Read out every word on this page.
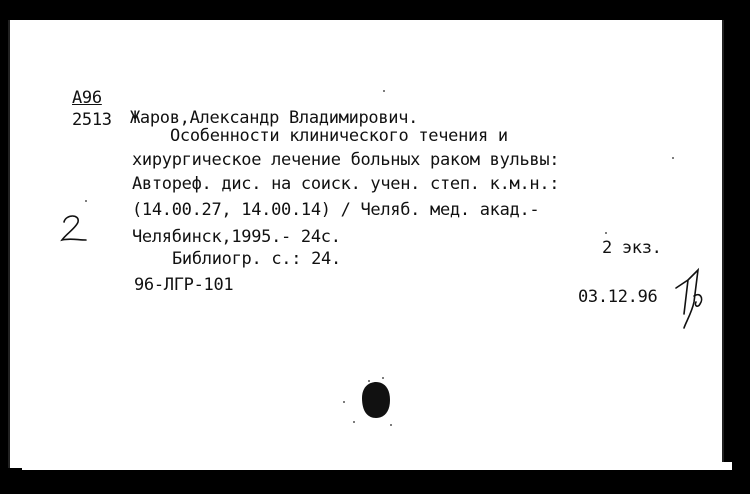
А96
2513 Жаров,Александр Владимирович.
Особенности клинического течения и
хирургическое лечение больных раком вульвы:
Автореф. дис. на соиск. учен. степ. к.м.н.:
(14.00.27, 14.00.14) / Челяб. мед. акад.-
Челябинск,1995.- 24с.
2 экз.
Библиогр. с.: 24.
96-ЛГР-101
03.12.96
